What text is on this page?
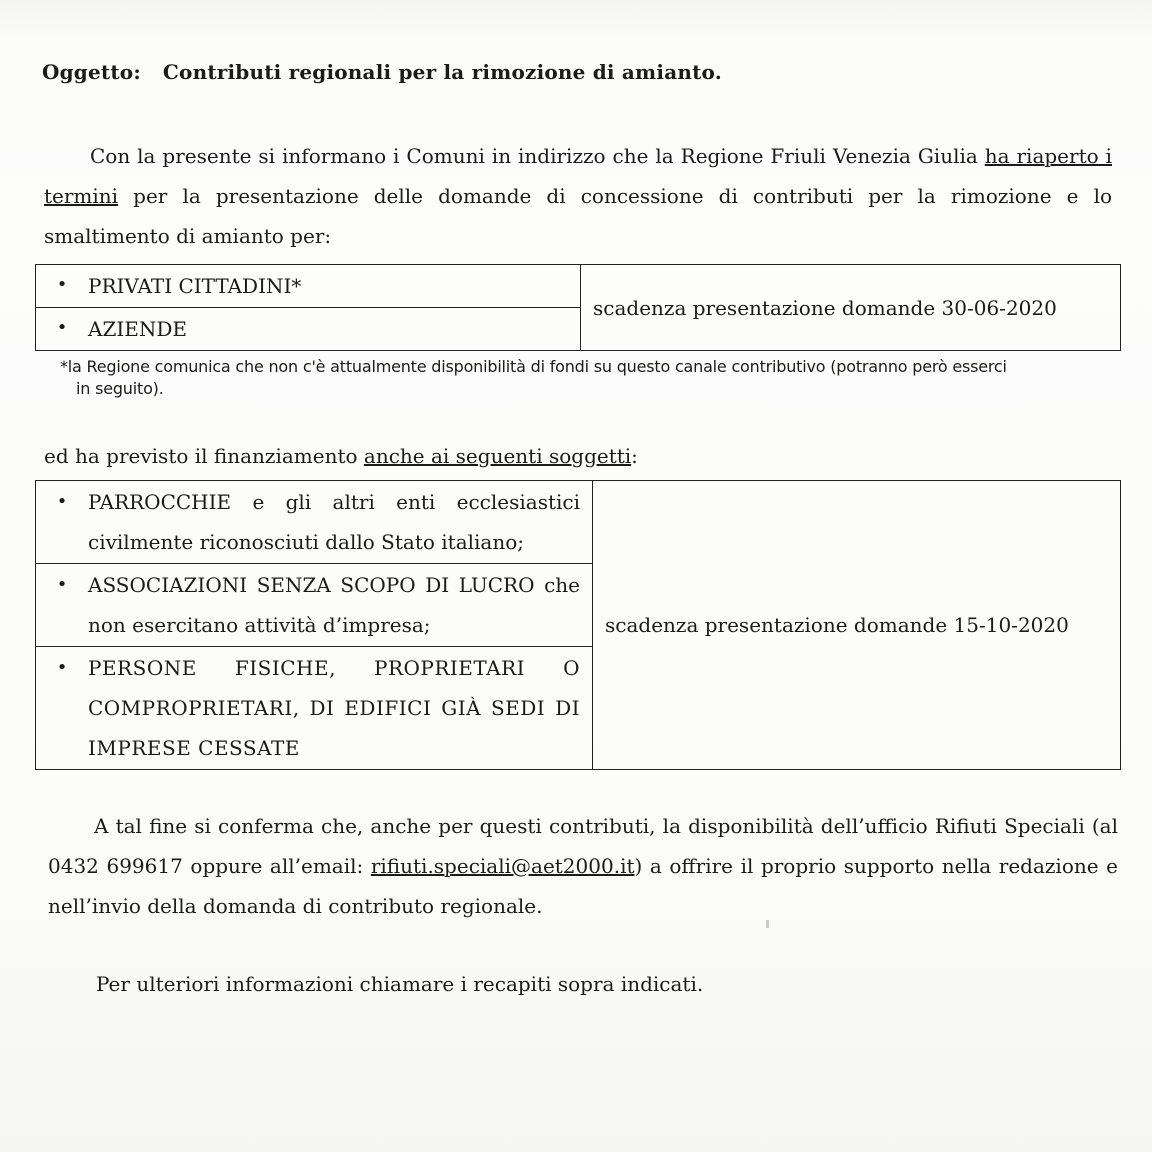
Oggetto: Contributi regionali per la rimozione di amianto.
Con la presente si informano i Comuni in indirizzo che la Regione Friuli Venezia Giulia ha riaperto i termini per la presentazione delle domande di concessione di contributi per la rimozione e lo smaltimento di amianto per:
•	PRIVATI CITTADINI*
	scadenza presentazione domande 30-06-2020

•	AZIENDE
*la Regione comunica che non c'è attualmente disponibilità di fondi su questo canale contributivo (potranno però esserci
in seguito).
ed ha previsto il finanziamento anche ai seguenti soggetti:
•	PARROCCHIE e gli altri enti ecclesiastici civilmente riconosciuti dallo Stato italiano;
	scadenza presentazione domande 15-10-2020

•	ASSOCIAZIONI SENZA SCOPO DI LUCRO che non esercitano attività d’impresa;

•	PERSONE FISICHE, PROPRIETARI O COMPROPRIETARI, DI EDIFICI GIÀ SEDI DI IMPRESE CESSATE
A tal fine si conferma che, anche per questi contributi, la disponibilità dell’ufficio Rifiuti Speciali (al 0432 699617 oppure all’email: rifiuti.speciali@aet2000.it) a offrire il proprio supporto nella redazione e nell’invio della domanda di contributo regionale.
Per ulteriori informazioni chiamare i recapiti sopra indicati.
